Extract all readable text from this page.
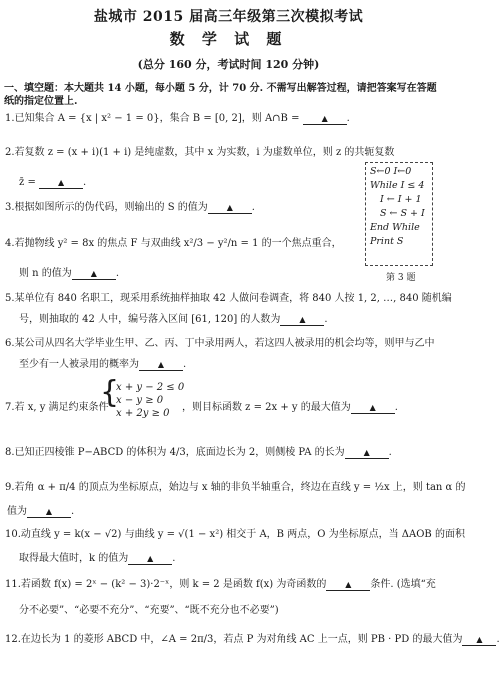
盐城市 2015 届高三年级第三次模拟考试
数 学 试 题
(总分 160 分，考试时间 120 分钟)
一、填空题：本大题共 14 小题，每小题 5 分，计 70 分. 不需写出解答过程，请把答案写在答题纸的指定位置上.
1.已知集合 A = {x | x² − 1 = 0}，集合 B = [0, 2]，则 A∩B = ▲ .
2.若复数 z = (x + i)(1 + i) 是纯虚数，其中 x 为实数，i 为虚数单位，则 z 的共轭复数
z̄ = ▲ .
3.根据如图所示的伪代码，则输出的 S 的值为 ▲ .
4.若抛物线 y² = 8x 的焦点 F 与双曲线 x²/3 − y²/n = 1 的一个焦点重合，
则 n 的值为 ▲ .
5.某单位有 840 名职工，现采用系统抽样抽取 42 人做问卷调查，将 840 人按 1, 2, …, 840 随机编
号，则抽取的 42 人中，编号落入区间 [61, 120] 的人数为 ▲ .
6.某公司从四名大学毕业生甲、乙、丙、丁中录用两人，若这四人被录用的机会均等，则甲与乙中
至少有一人被录用的概率为 ▲ .
7.若 x, y 满足约束条件
{
x + y − 2 ≤ 0
x − y ≥ 0
x + 2y ≥ 0
，则目标函数 z = 2x + y 的最大值为 ▲ .
8.已知正四棱锥 P−ABCD 的体积为 4/3，底面边长为 2，则侧棱 PA 的长为 ▲ .
9.若角 α + π/4 的顶点为坐标原点，始边与 x 轴的非负半轴重合，终边在直线 y = ½x 上，则 tan α 的
值为 ▲ .
10.动直线 y = k(x − √2) 与曲线 y = √(1 − x²) 相交于 A，B 两点，O 为坐标原点，当 ΔAOB 的面积
取得最大值时，k 的值为 ▲ .
11.若函数 f(x) = 2ˣ − (k² − 3)·2⁻ˣ，则 k = 2 是函数 f(x) 为奇函数的 ▲ 条件. (选填“充
分不必要”、“必要不充分”、“充要”、“既不充分也不必要”)
12.在边长为 1 的菱形 ABCD 中，∠A = 2π/3，若点 P 为对角线 AC 上一点，则 PB · PD 的最大值为 ▲ .
S←0 I←0
While I ≤ 4
I ← I + 1
S ← S + I
End While
Print S
第 3 题
